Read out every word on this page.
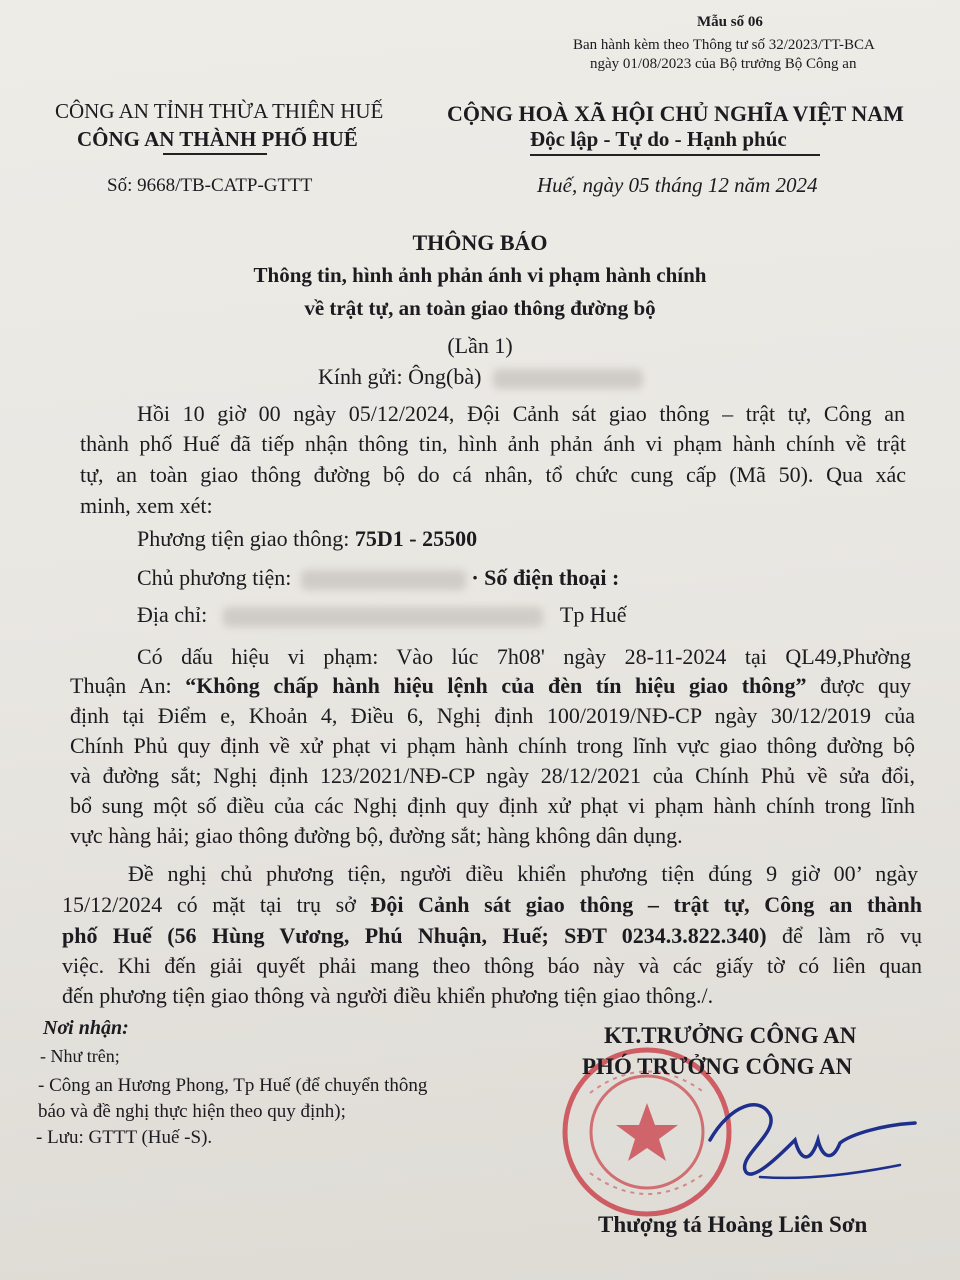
Mẫu số 06
Ban hành kèm theo Thông tư số 32/2023/TT-BCA
ngày 01/08/2023 của Bộ trưởng Bộ Công an
CÔNG AN TỈNH THỪA THIÊN HUẾ
CÔNG AN THÀNH PHỐ HUẾ
Số: 9668/TB-CATP-GTTT
CỘNG HOÀ XÃ HỘI CHỦ NGHĨA VIỆT NAM
Độc lập - Tự do - Hạnh phúc
Huế, ngày 05 tháng 12 năm 2024
THÔNG BÁO
Thông tin, hình ảnh phản ánh vi phạm hành chính
về trật tự, an toàn giao thông đường bộ
(Lần 1)
Kính gửi: Ông(bà)
Hồi 10 giờ 00 ngày 05/12/2024, Đội Cảnh sát giao thông – trật tự, Công an
thành phố Huế đã tiếp nhận thông tin, hình ảnh phản ánh vi phạm hành chính về trật
tự, an toàn giao thông đường bộ do cá nhân, tổ chức cung cấp (Mã 50). Qua xác
minh, xem xét:
Phương tiện giao thông: 75D1 - 25500
Chủ phương tiện:	· Số điện thoại :
Địa chỉ:	Tp Huế
Có dấu hiệu vi phạm: Vào lúc 7h08' ngày 28-11-2024 tại QL49,Phường
Thuận An: “Không chấp hành hiệu lệnh của đèn tín hiệu giao thông” được quy
định tại Điểm e, Khoản 4, Điều 6, Nghị định 100/2019/NĐ-CP ngày 30/12/2019 của
Chính Phủ quy định về xử phạt vi phạm hành chính trong lĩnh vực giao thông đường bộ
và đường sắt; Nghị định 123/2021/NĐ-CP ngày 28/12/2021 của Chính Phủ về sửa đổi,
bổ sung một số điều của các Nghị định quy định xử phạt vi phạm hành chính trong lĩnh
vực hàng hải; giao thông đường bộ, đường sắt; hàng không dân dụng.
Đề nghị chủ phương tiện, người điều khiển phương tiện đúng 9 giờ 00’ ngày
15/12/2024 có mặt tại trụ sở Đội Cảnh sát giao thông – trật tự, Công an thành
phố Huế (56 Hùng Vương, Phú Nhuận, Huế; SĐT 0234.3.822.340) để làm rõ vụ
việc. Khi đến giải quyết phải mang theo thông báo này và các giấy tờ có liên quan
đến phương tiện giao thông và người điều khiển phương tiện giao thông./.
Nơi nhận:
- Như trên;
- Công an Hương Phong, Tp Huế (để chuyển thông
báo và đề nghị thực hiện theo quy định);
- Lưu: GTTT (Huế -S).
KT.TRƯỞNG CÔNG AN
PHÓ TRƯỞNG CÔNG AN
Thượng tá Hoàng Liên Sơn
